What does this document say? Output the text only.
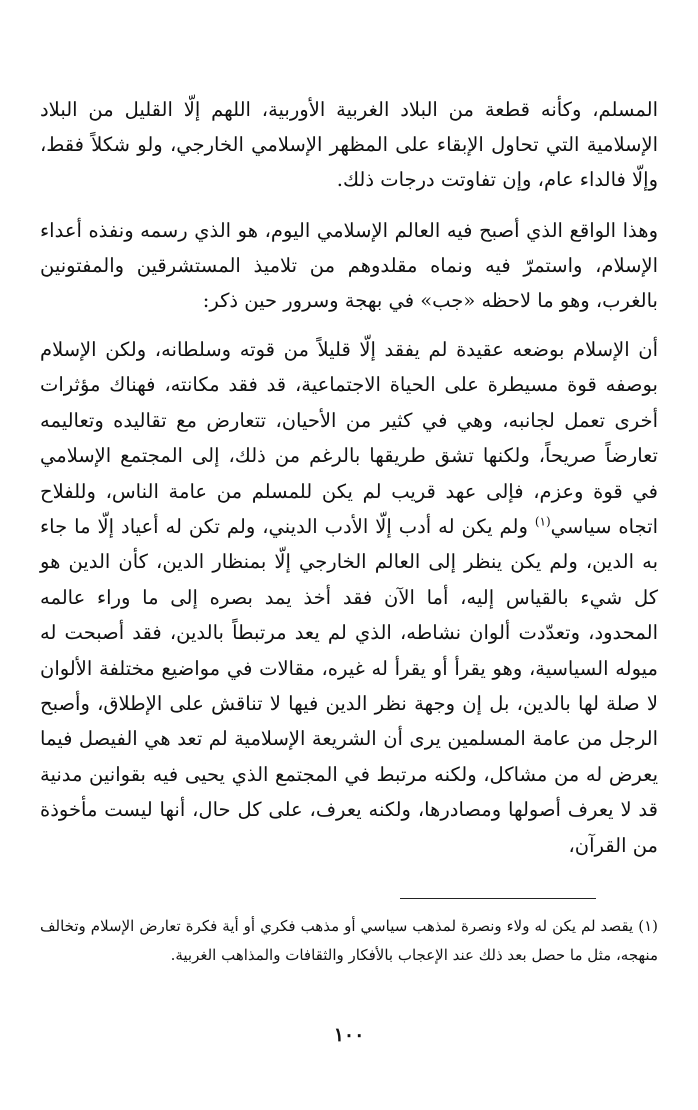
المسلم، وكأنه قطعة من البلاد الغربية الأوربية، اللهم إلّا القليل من البلاد الإسلامية التي تحاول الإبقاء على المظهر الإسلامي الخارجي، ولو شكلاً فقط، وإلّا فالداء عام، وإن تفاوتت درجات ذلك.

وهذا الواقع الذي أصبح فيه العالم الإسلامي اليوم، هو الذي رسمه ونفذه أعداء الإسلام، واستمرّ فيه ونماه مقلدوهم من تلاميذ المستشرقين والمفتونين بالغرب، وهو ما لاحظه «جب» في بهجة وسرور حين ذكر:

أن الإسلام بوضعه عقيدة لم يفقد إلّا قليلاً من قوته وسلطانه، ولكن الإسلام بوصفه قوة مسيطرة على الحياة الاجتماعية، قد فقد مكانته، فهناك مؤثرات أخرى تعمل لجانبه، وهي في كثير من الأحيان، تتعارض مع تقاليده وتعاليمه تعارضاً صريحاً، ولكنها تشق طريقها بالرغم من ذلك، إلى المجتمع الإسلامي في قوة وعزم، فإلى عهد قريب لم يكن للمسلم من عامة الناس، وللفلاح اتجاه سياسي$^{(١)}$ ولم يكن له أدب إلّا الأدب الديني، ولم تكن له أعياد إلّا ما جاء به الدين، ولم يكن ينظر إلى العالم الخارجي إلّا بمنظار الدين، كأن الدين هو كل شيء بالقياس إليه، أما الآن فقد أخذ يمد بصره إلى ما وراء عالمه المحدود، وتعدّدت ألوان نشاطه، الذي لم يعد مرتبطاً بالدين، فقد أصبحت له ميوله السياسية، وهو يقرأ أو يقرأ له غيره، مقالات في مواضيع مختلفة الألوان لا صلة لها بالدين، بل إن وجهة نظر الدين فيها لا تناقش على الإطلاق، وأصبح الرجل من عامة المسلمين يرى أن الشريعة الإسلامية لم تعد هي الفيصل فيما يعرض له من مشاكل، ولكنه مرتبط في المجتمع الذي يحيى فيه بقوانين مدنية قد لا يعرف أصولها ومصادرها، ولكنه يعرف، على كل حال، أنها ليست مأخوذة من القرآن،

(١) يقصد لم يكن له ولاء ونصرة لمذهب سياسي أو مذهب فكري أو أية فكرة تعارض الإسلام وتخالف منهجه، مثل ما حصل بعد ذلك عند الإعجاب بالأفكار والثقافات والمذاهب الغربية.

١٠٠
